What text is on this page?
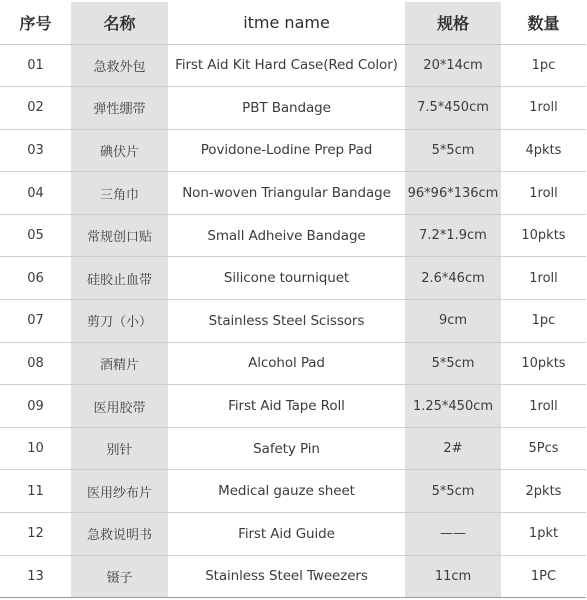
序号	名称	itme name	规格	数量
01	急救外包	First Aid Kit Hard Case(Red Color)	20*14cm	1pc
02	弹性绷带	PBT Bandage	7.5*450cm	1roll
03	碘伏片	Povidone-Lodine Prep Pad	5*5cm	4pkts
04	三角巾	Non-woven Triangular Bandage	96*96*136cm	1roll
05	常规创口贴	Small Adheive Bandage	7.2*1.9cm	10pkts
06	硅胶止血带	Silicone tourniquet	2.6*46cm	1roll
07	剪刀（小）	Stainless Steel Scissors	9cm	1pc
08	酒精片	Alcohol Pad	5*5cm	10pkts
09	医用胶带	First Aid Tape Roll	1.25*450cm	1roll
10	别针	Safety Pin	2#	5Pcs
11	医用纱布片	Medical gauze sheet	5*5cm	2pkts
12	急救说明书	First Aid Guide	——	1pkt
13	镊子	Stainless Steel Tweezers	11cm	1PC
